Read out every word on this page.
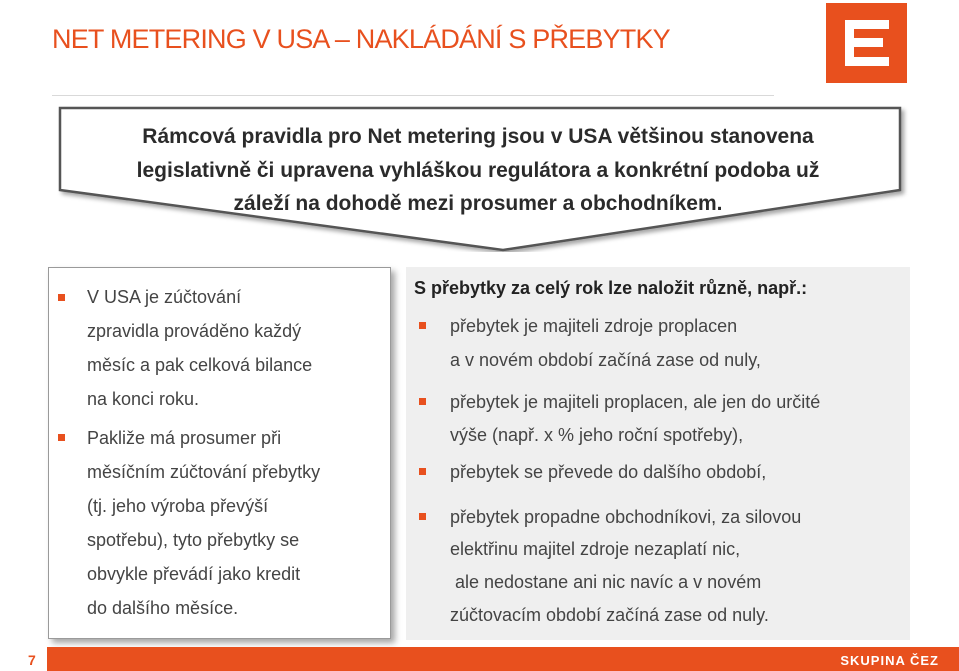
NET METERING V USA – NAKLÁDÁNÍ S PŘEBYTKY
Rámcová pravidla pro Net metering jsou v USA většinou stanovena
legislativně či upravena vyhláškou regulátora a konkrétní podoba už
záleží na dohodě mezi prosumer a obchodníkem.
V USA je zúčtování
zpravidla prováděno každý
měsíc a pak celková bilance
na konci roku.
Pakliže má prosumer při
měsíčním zúčtování přebytky
(tj. jeho výroba převýší
spotřebu), tyto přebytky se
obvykle převádí jako kredit
do dalšího měsíce.
S přebytky za celý rok lze naložit různě, např.:
přebytek je majiteli zdroje proplacen
a v novém období začíná zase od nuly,
přebytek je majiteli proplacen, ale jen do určité
výše (např. x % jeho roční spotřeby),
přebytek se převede do dalšího období,
přebytek propadne obchodníkovi, za silovou
elektřinu majitel zdroje nezaplatí nic,
ale nedostane ani nic navíc a v novém
zúčtovacím období začíná zase od nuly.
7	SKUPINA ČEZ
